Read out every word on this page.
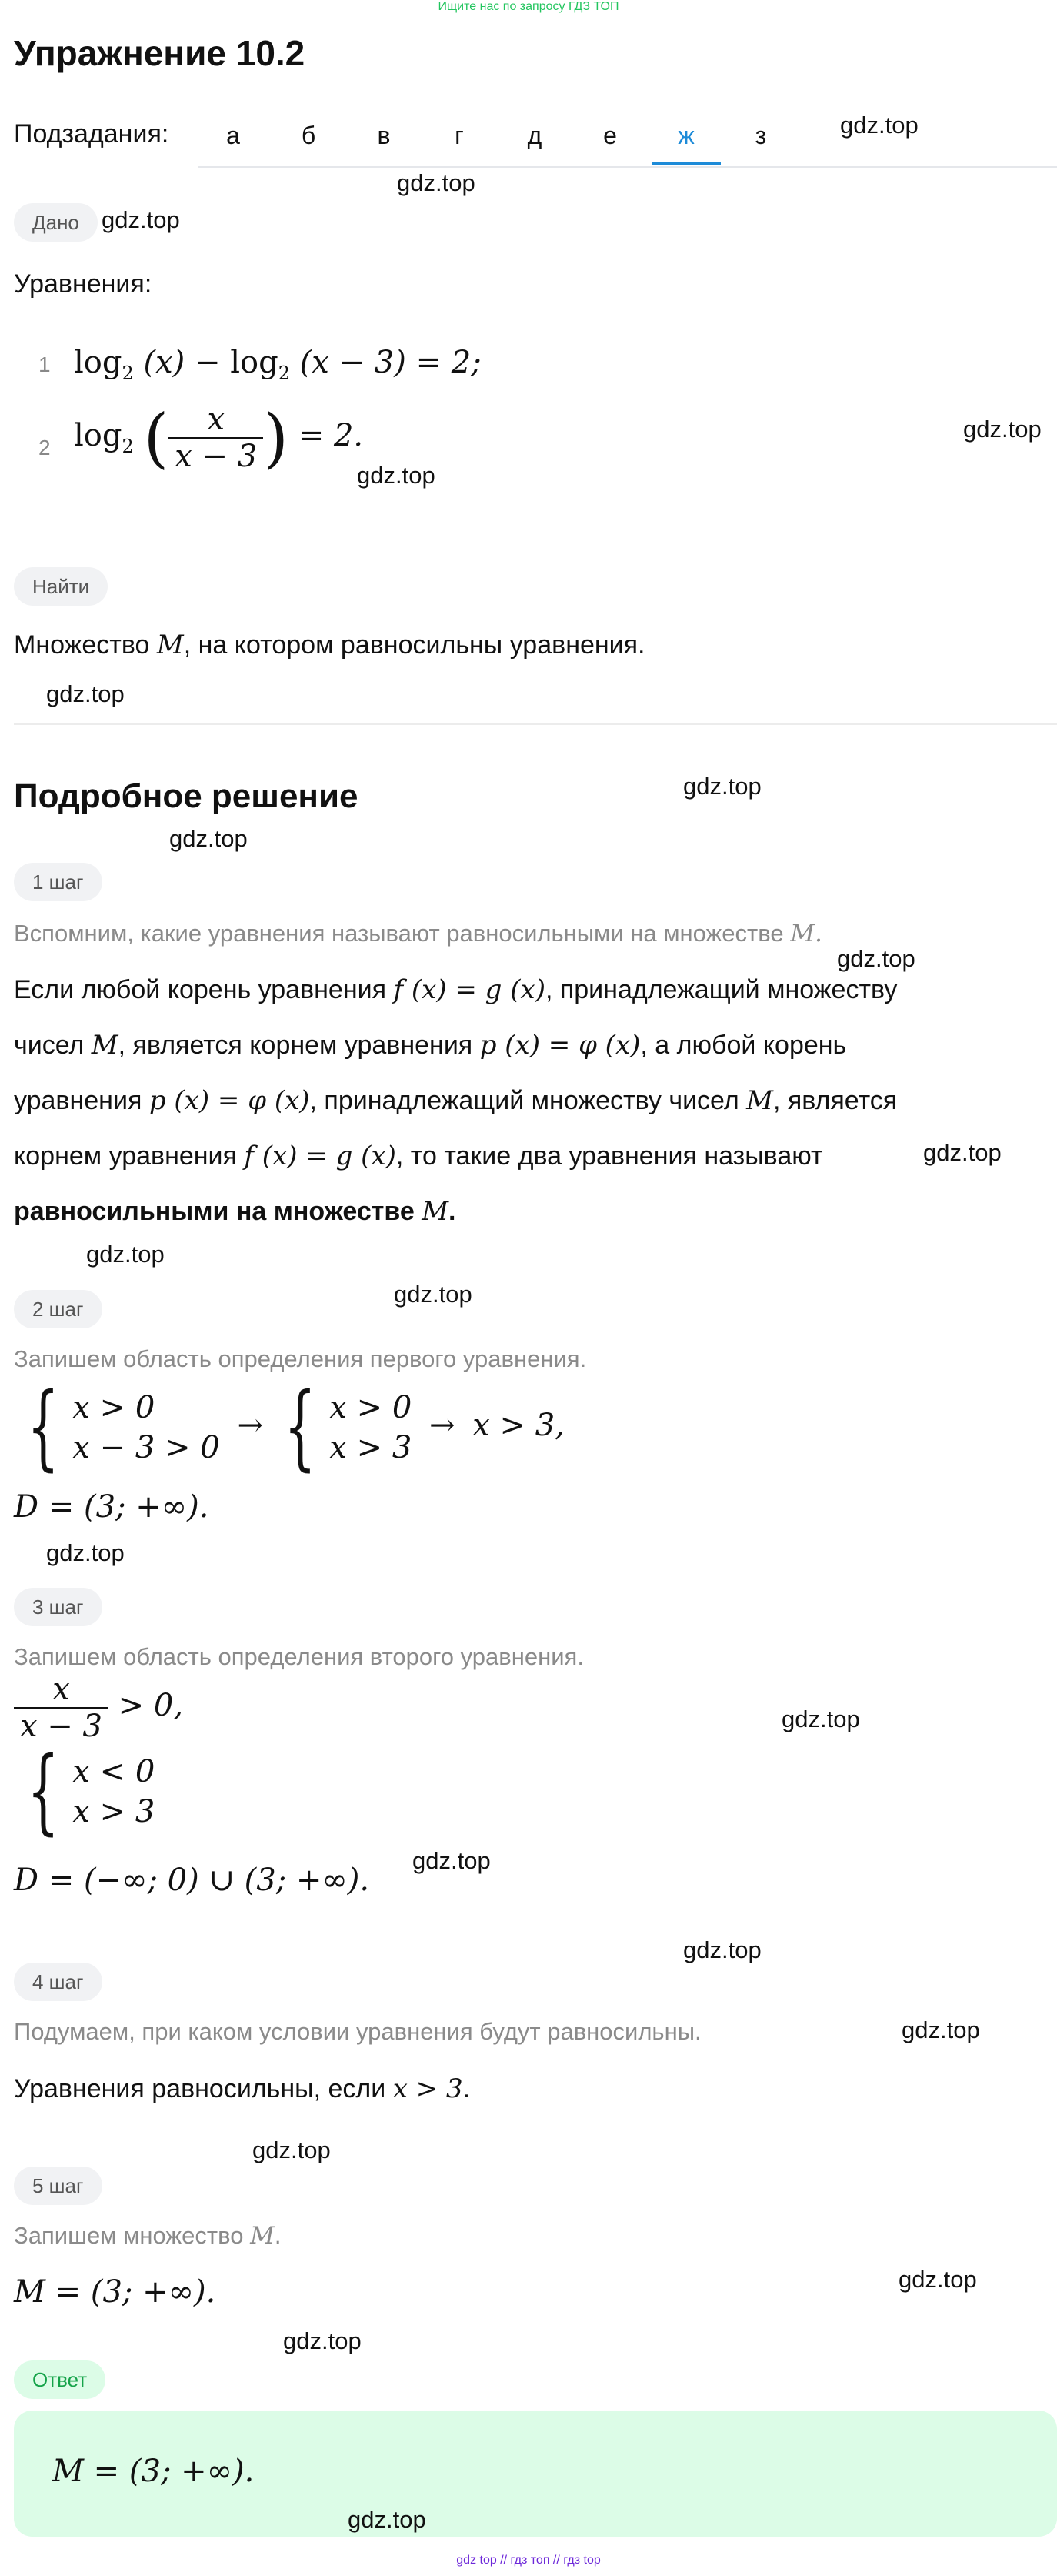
Ищите нас по запросу ГДЗ ТОП
Упражнение 10.2
Подзадания:	а	б	в	г	д	е	ж	з
Дано
Уравнения:
1 $\log_2 (x) - \log_2 (x - 3) = 2$;
2 $\log_2$ ( $\frac{x}{x - 3}$ ) = 2.
Найти
Множество M, на котором равносильны уравнения.
Подробное решение
1 шаг
Вспомним, какие уравнения называют равносильными на множестве M.
Если любой корень уравнения f (x) = g (x), принадлежащий множеству
чисел M, является корнем уравнения p (x) = φ (x), а любой корень
уравнения p (x) = φ (x), принадлежащий множеству чисел M, является
корнем уравнения f (x) = g (x), то такие два уравнения называют
равносильными на множестве M.
2 шаг
Запишем область определения первого уравнения.
{ x > 0
x − 3 > 0 → { x > 0
x > 3 → x > 3,
D = (3; +∞).
3 шаг
Запишем область определения второго уравнения.
$\frac{x}{x - 3} > 0$,
{ x < 0
x > 3
D = (−∞; 0) ∪ (3; +∞).
4 шаг
Подумаем, при каком условии уравнения будут равносильны.
Уравнения равносильны, если x > 3.
5 шаг
Запишем множество M.
M = (3; +∞).
Ответ
M = (3; +∞).
gdz.top
gdz.top
gdz.top
gdz.top
gdz.top
gdz.top
gdz.top
gdz.top
gdz.top
gdz.top
gdz.top
gdz.top
gdz.top
gdz.top
gdz.top
gdz.top
gdz.top
gdz.top
gdz.top
gdz.top
gdz.top
gdz top // гдз топ // гдз top
